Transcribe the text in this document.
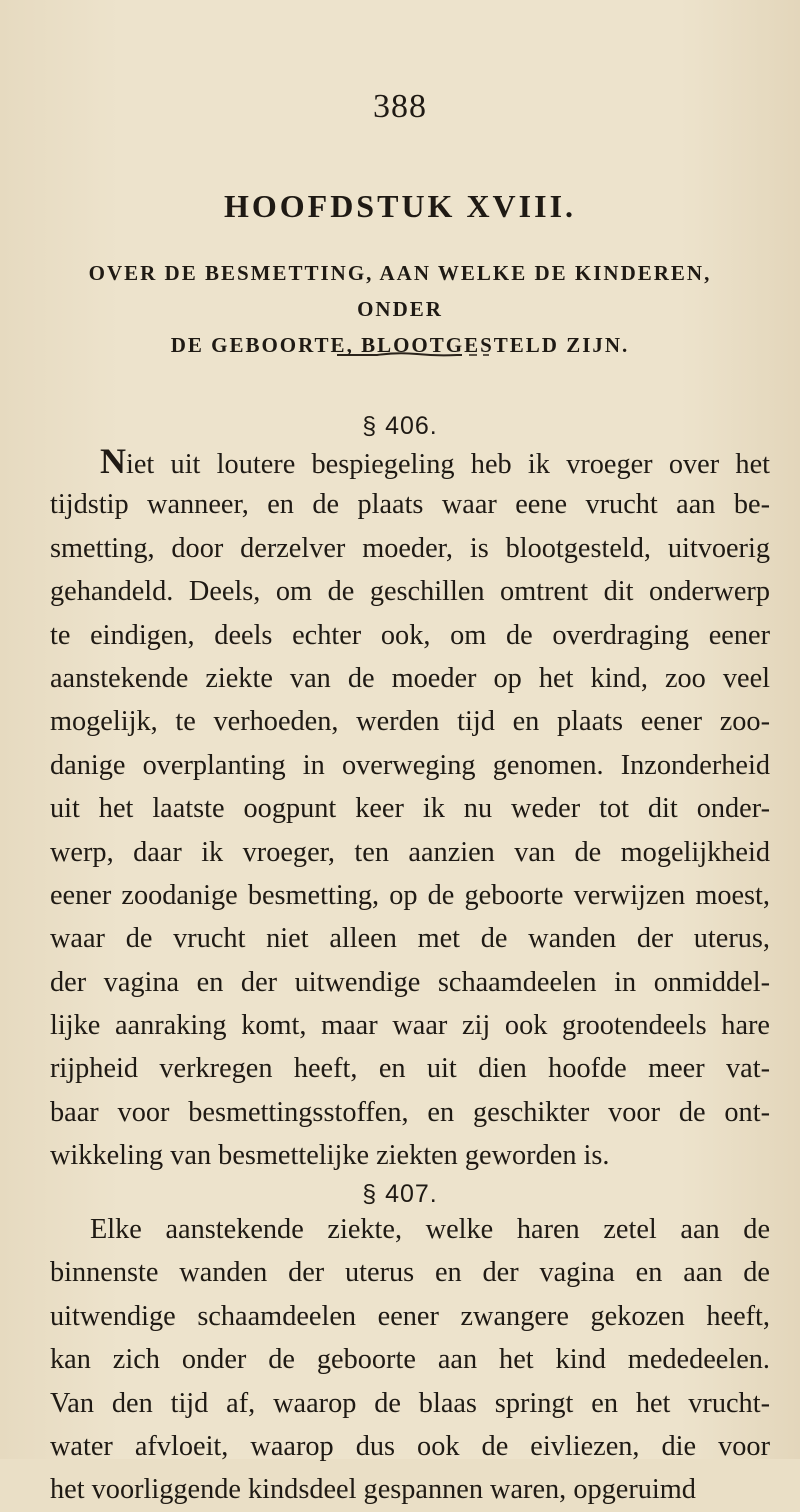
388
HOOFDSTUK XVIII.
OVER DE BESMETTING, AAN WELKE DE KINDEREN, ONDER
DE GEBOORTE, BLOOTGESTELD ZIJN.
§ 406.
Niet uit loutere bespiegeling heb ik vroeger over het
tijdstip wanneer, en de plaats waar eene vrucht aan be-
smetting, door derzelver moeder, is blootgesteld, uitvoerig
gehandeld. Deels, om de geschillen omtrent dit onderwerp
te eindigen, deels echter ook, om de overdraging eener
aanstekende ziekte van de moeder op het kind, zoo veel
mogelijk, te verhoeden, werden tijd en plaats eener zoo-
danige overplanting in overweging genomen. Inzonderheid
uit het laatste oogpunt keer ik nu weder tot dit onder-
werp, daar ik vroeger, ten aanzien van de mogelijkheid
eener zoodanige besmetting, op de geboorte verwijzen moest,
waar de vrucht niet alleen met de wanden der uterus,
der vagina en der uitwendige schaamdeelen in onmiddel-
lijke aanraking komt, maar waar zij ook grootendeels hare
rijpheid verkregen heeft, en uit dien hoofde meer vat-
baar voor besmettingsstoffen, en geschikter voor de ont-
wikkeling van besmettelijke ziekten geworden is.
§ 407.
Elke aanstekende ziekte, welke haren zetel aan de
binnenste wanden der uterus en der vagina en aan de
uitwendige schaamdeelen eener zwangere gekozen heeft,
kan zich onder de geboorte aan het kind mededeelen.
Van den tijd af, waarop de blaas springt en het vrucht-
water afvloeit, waarop dus ook de eivliezen, die voor
het voorliggende kindsdeel gespannen waren, opgeruimd
